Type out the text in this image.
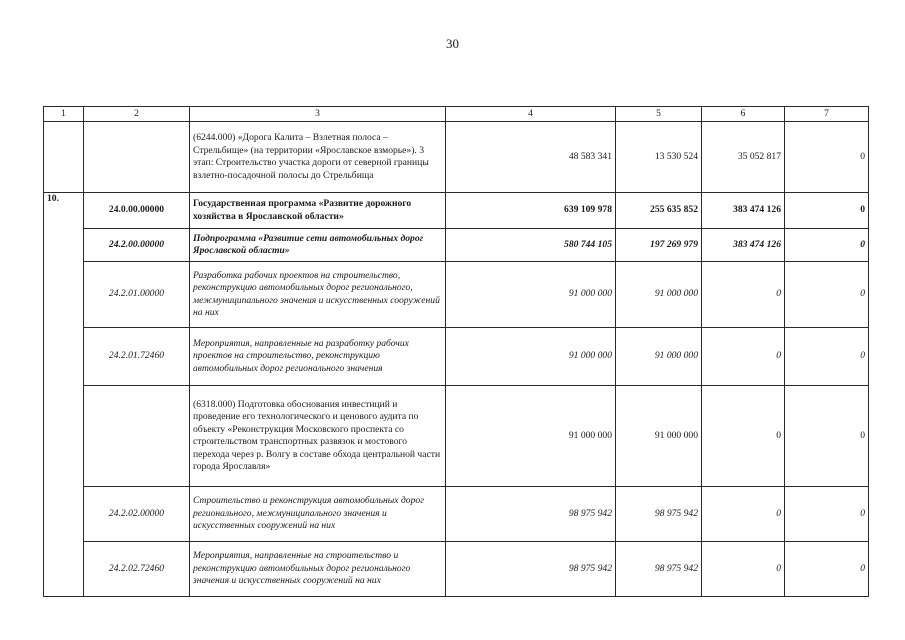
30
1	2	3	4	5	6	7
		(6244.000) «Дорога Калита – Взлетная полоса – Стрельбище» (на территории «Ярославское взморье»). 3 этап: Строительство участка дороги от северной границы взлетно-посадочной полосы до Стрельбища	48 583 341	13 530 524	35 052 817	0
10.	24.0.00.00000	Государственная программа «Развитие дорожного хозяйства в Ярославской области»	639 109 978	255 635 852	383 474 126	0
	24.2.00.00000	Подпрограмма «Развитие сети автомобильных дорог Ярославской области»	580 744 105	197 269 979	383 474 126	0
	24.2.01.00000	Разработка рабочих проектов на строительство, реконструкцию автомобильных дорог регионального, межмуниципального значения и искусственных сооружений на них	91 000 000	91 000 000	0	0
	24.2.01.72460	Мероприятия, направленные на разработку рабочих проектов на строительство, реконструкцию автомобильных дорог регионального значения	91 000 000	91 000 000	0	0
		(6318.000) Подготовка обоснования инвестиций и проведение его технологического и ценового аудита по объекту «Реконструкция Московского проспекта со строительством транспортных развязок и мостового перехода через р. Волгу в составе обхода центральной части города Ярославля»	91 000 000	91 000 000	0	0
	24.2.02.00000	Строительство и реконструкция автомобильных дорог регионального, межмуниципального значения и искусственных сооружений на них	98 975 942	98 975 942	0	0
	24.2.02.72460	Мероприятия, направленные на строительство и реконструкцию автомобильных дорог регионального значения и искусственных сооружений на них	98 975 942	98 975 942	0	0
